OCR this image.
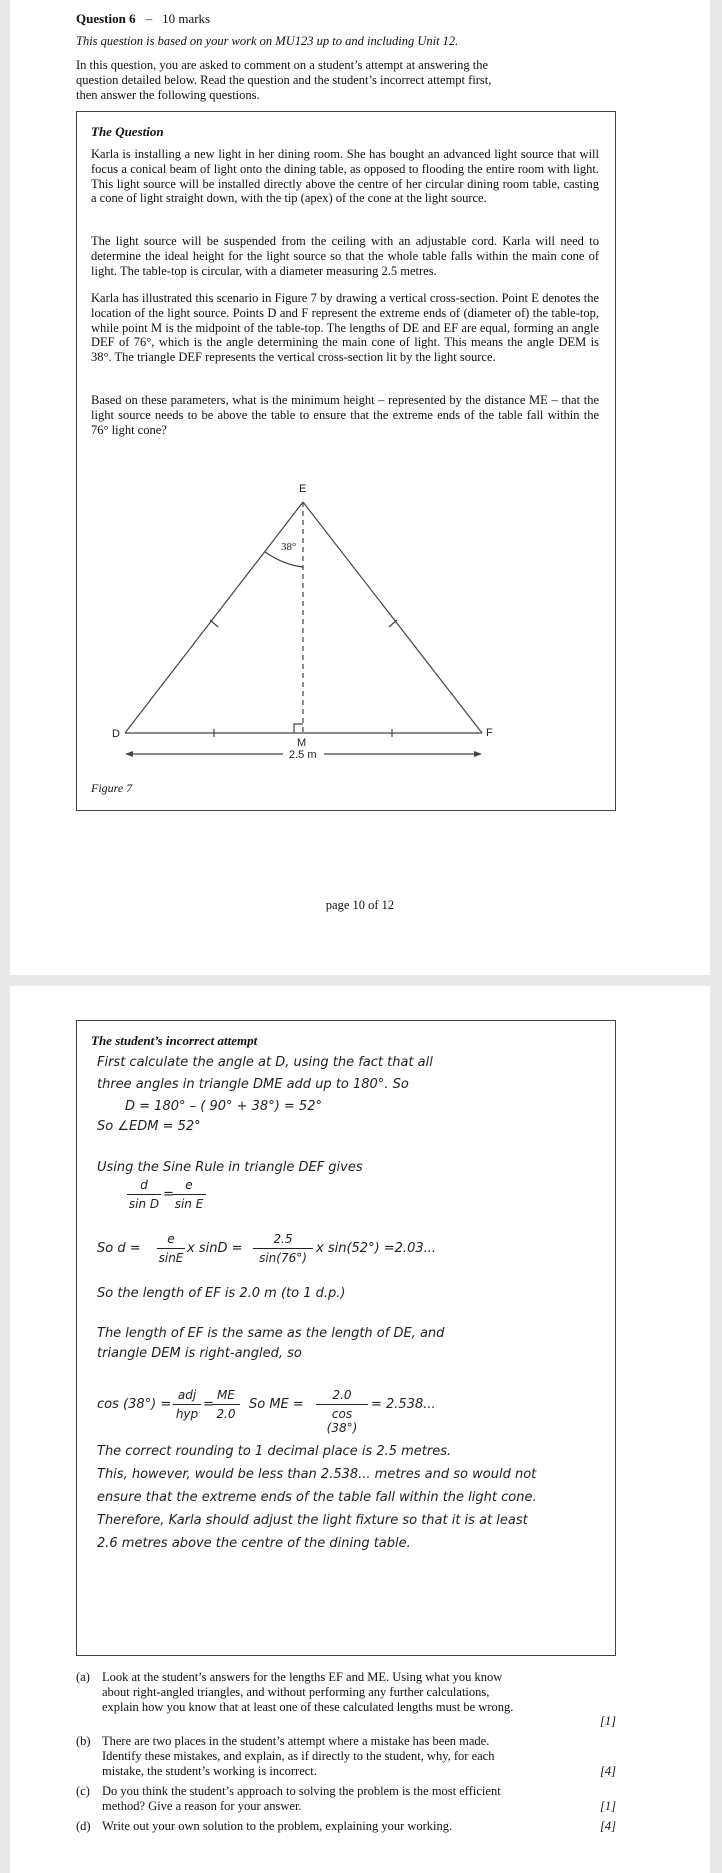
Question 6 – 10 marks
This question is based on your work on MU123 up to and including Unit 12.

In this question, you are asked to comment on a student’s attempt at answering the question detailed below. Read the question and the student’s incorrect attempt first, then answer the following questions.

The Question

Karla is installing a new light in her dining room. She has bought an advanced light source that will focus a conical beam of light onto the dining table, as opposed to flooding the entire room with light. This light source will be installed directly above the centre of her circular dining room table, casting a cone of light straight down, with the tip (apex) of the cone at the light source.

The light source will be suspended from the ceiling with an adjustable cord. Karla will need to determine the ideal height for the light source so that the whole table falls within the main cone of light. The table-top is circular, with a diameter measuring 2.5 metres.

Karla has illustrated this scenario in Figure 7 by drawing a vertical cross-section. Point E denotes the location of the light source. Points D and F represent the extreme ends of (diameter of) the table-top, while point M is the midpoint of the table-top. The lengths of DE and EF are equal, forming an angle DEF of 76°, which is the angle determining the main cone of light. This means the angle DEM is 38°. The triangle DEF represents the vertical cross-section lit by the light source.

Based on these parameters, what is the minimum height – represented by the distance ME – that the light source needs to be above the table to ensure that the extreme ends of the table fall within the 76° light cone?

E
D	F
M
38°
2.5 m
Figure 7
page 10 of 12
The student’s incorrect attempt
First calculate the angle at D, using the fact that all
three angles in triangle DME add up to 180°. So
D = 180° – ( 90° + 38°) = 52°
So ∠EDM = 52°
Using the Sine Rule in triangle DEF gives
$\frac{d}{\text{sin D}}$ =
$\frac{e}{\text{sin E}}$
So $d = \frac{e}{\sin E}$ x $\sin D = \frac{2.5}{\sin(76^\circ)}$ x sin(52°) =2.03...
So the length of EF is 2.0 m (to 1 d.p.)
The length of EF is the same as the length of DE, and
triangle DEM is right-angled, so
cos (38°) =
adj
hyp
=
$\frac{ME}{2.0}$ So ME = $\frac{2.0}{\cos (38^\circ)} = 2.538$...
The correct rounding to 1 decimal place is 2.5 metres.
This, however, would be less than 2.538... metres and so would not
ensure that the extreme ends of the table fall within the light cone.
Therefore, Karla should adjust the light fixture so that it is at least
2.6 metres above the centre of the dining table.
(a) Look at the student’s answers for the lengths EF and ME. Using what you know about right-angled triangles, and without performing any further calculations, explain how you know that at least one of these calculated lengths must be wrong.

[1]
(b) There are two places in the student’s attempt where a mistake has been made. Identify these mistakes, and explain, as if directly to the student, why, for each mistake, the student’s working is incorrect.	[4]
(c) Do you think the student’s approach to solving the problem is the most efficient method? Give a reason for your answer.	[1]
(d) Write out your own solution to the problem, explaining your working.	[4]
